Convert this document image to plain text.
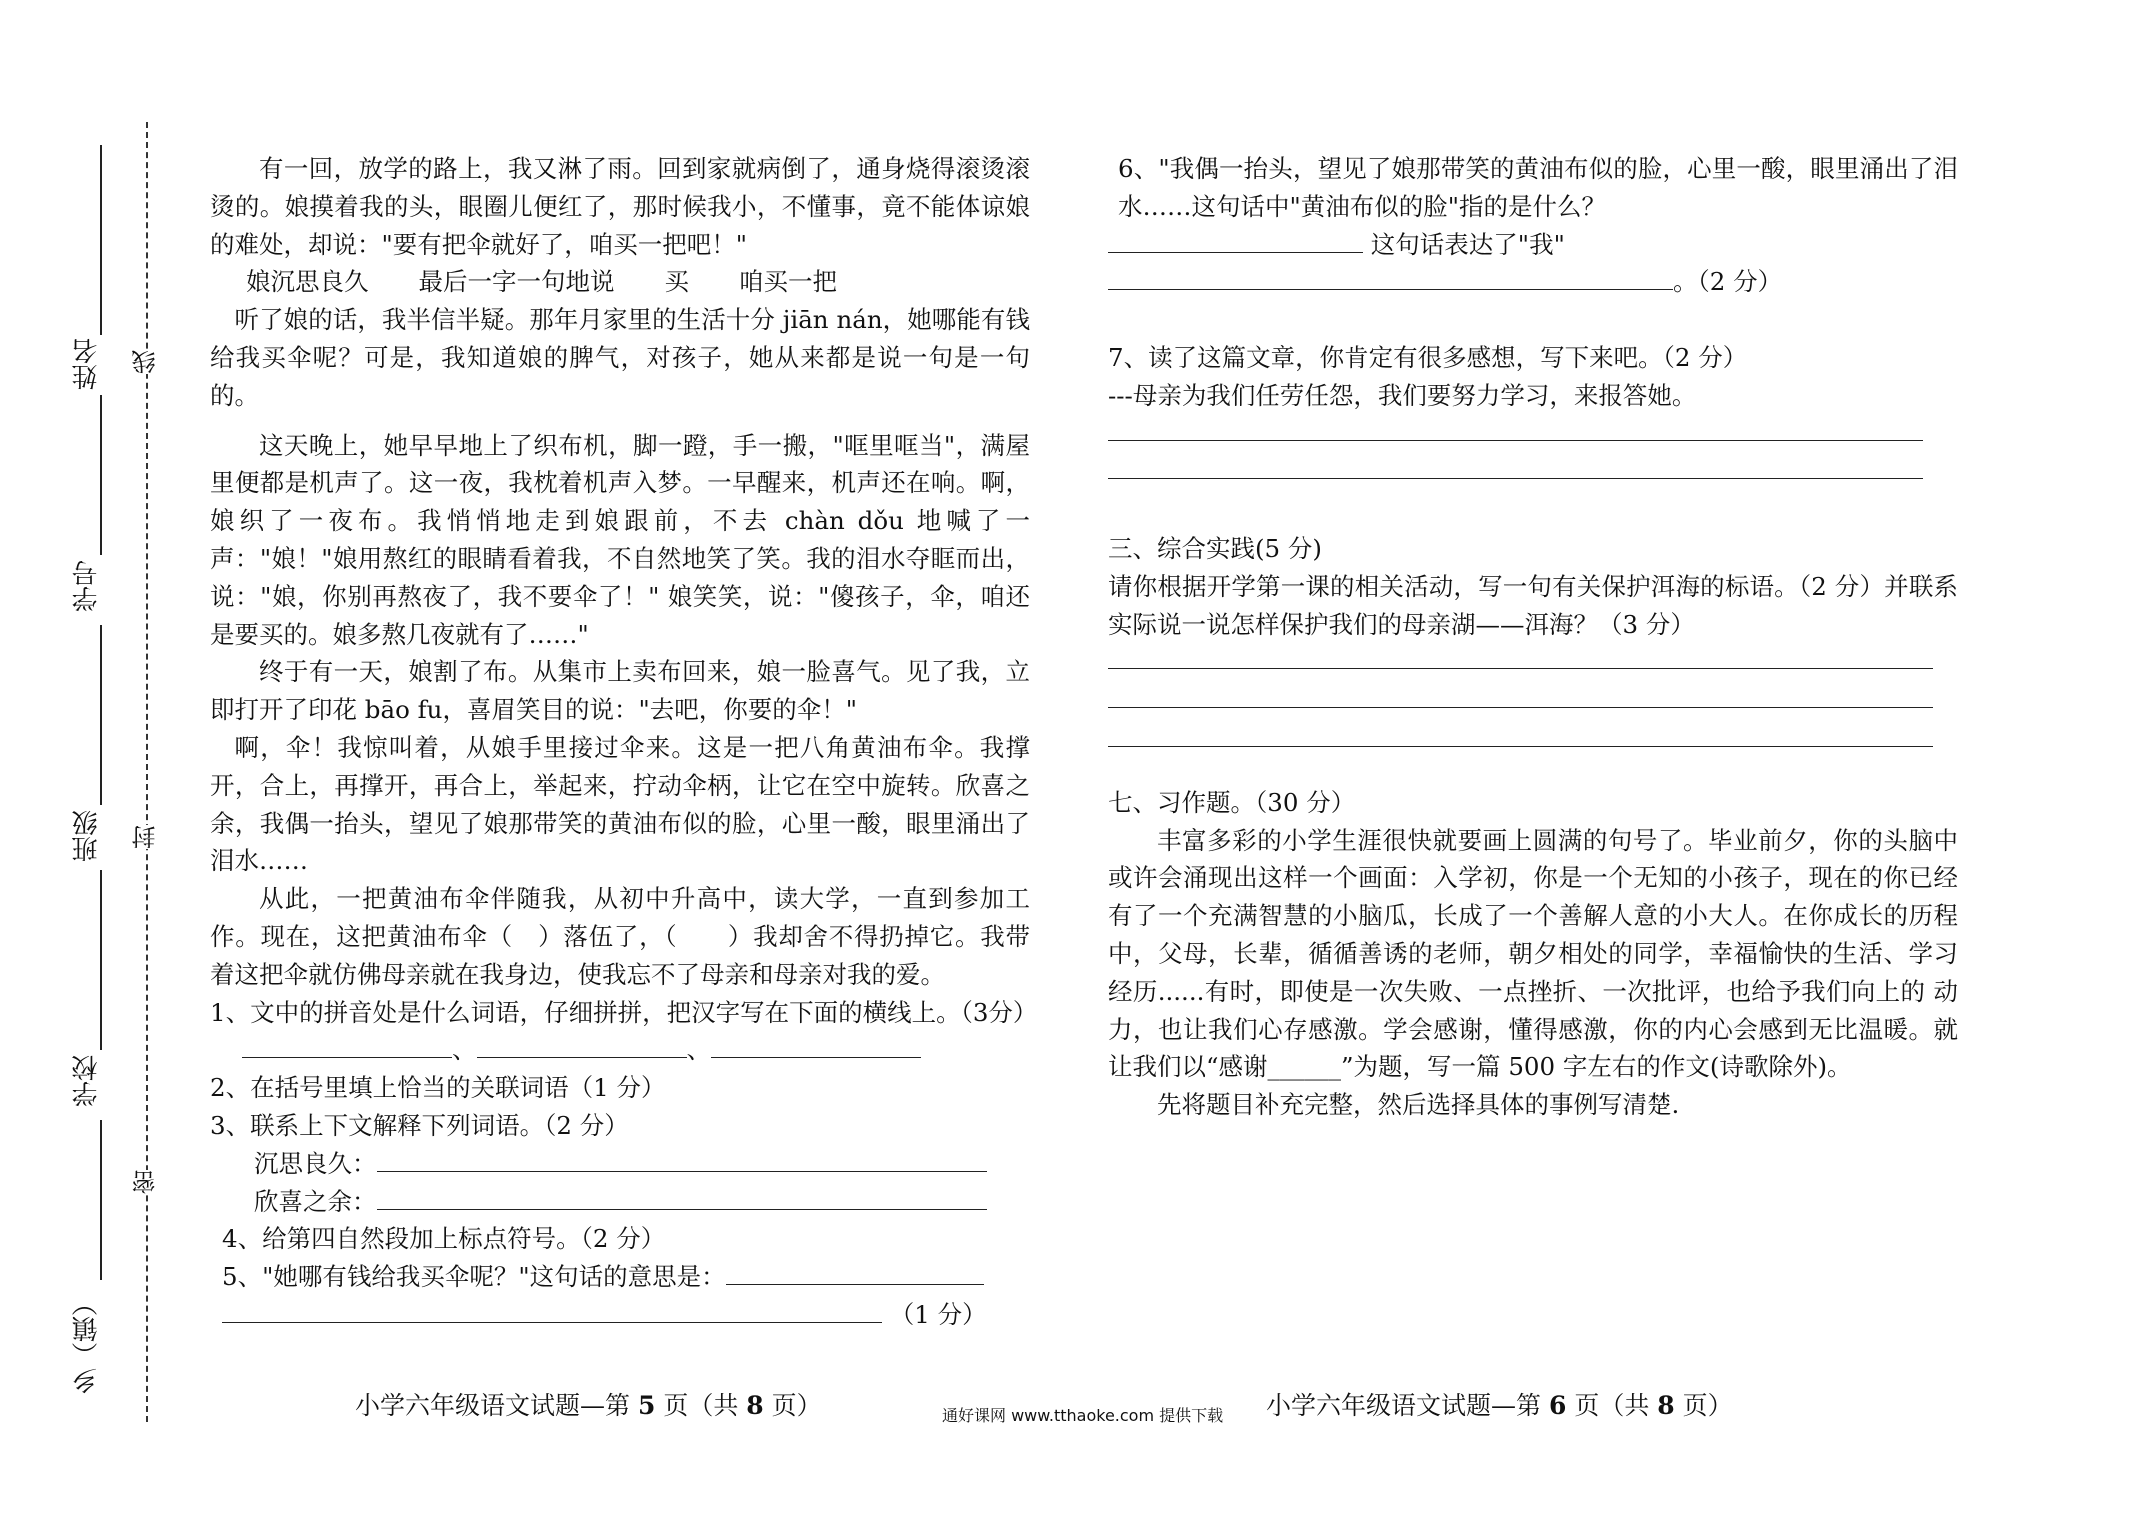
姓名
学号
班级
学校
乡（镇）
线
封
密

有一回，放学的路上，我又淋了雨。回到家就病倒了，通身烧得滚烫滚烫的。娘摸着我的头，眼圈儿便红了，那时候我小，不懂事，竟不能体谅娘的难处，却说："要有把伞就好了，咱买一把吧！"

娘沉思良久 最后一字一句地说 买 咱买一把

听了娘的话，我半信半疑。那年月家里的生活十分 jiān nán，她哪能有钱给我买伞呢？可是，我知道娘的脾气，对孩子，她从来都是说一句是一句的。

这天晚上，她早早地上了织布机，脚一蹬，手一搬，"哐里哐当"，满屋里便都是机声了。这一夜，我枕着机声入梦。一早醒来，机声还在响。啊，娘织了一夜布。我悄悄地走到娘跟前，不去 chàn dǒu 地喊了一声："娘！"娘用熬红的眼睛看着我，不自然地笑了笑。我的泪水夺眶而出，说："娘，你别再熬夜了，我不要伞了！" 娘笑笑，说："傻孩子，伞，咱还是要买的。娘多熬几夜就有了……"

终于有一天，娘割了布。从集市上卖布回来，娘一脸喜气。见了我，立即打开了印花 bāo fu，喜眉笑目的说："去吧，你要的伞！"

啊，伞！我惊叫着，从娘手里接过伞来。这是一把八角黄油布伞。我撑开，合上，再撑开，再合上，举起来，拧动伞柄，让它在空中旋转。欣喜之余，我偶一抬头，望见了娘那带笑的黄油布似的脸，心里一酸，眼里涌出了泪水……

从此，一把黄油布伞伴随我，从初中升高中，读大学，一直到参加工作。现在，这把黄油布伞（　）落伍了，（　　）我却舍不得扔掉它。我带着这把伞就仿佛母亲就在我身边，使我忘不了母亲和母亲对我的爱。

1、文中的拼音处是什么词语，仔细拼拼，把汉字写在下面的横线上。（3分）

、	、

2、在括号里填上恰当的关联词语（1 分）

3、联系上下文解释下列词语。（2 分）

沉思良久：

欣喜之余：

4、给第四自然段加上标点符号。（2 分）

5、"她哪有钱给我买伞呢？"这句话的意思是：

（1 分）

6、"我偶一抬头，望见了娘那带笑的黄油布似的脸，心里一酸，眼里涌出了泪水……这句话中"黄油布似的脸"指的是什么？

这句话表达了"我"

。（2 分）

7、读了这篇文章，你肯定有很多感想，写下来吧。（2 分）

---母亲为我们任劳任怨，我们要努力学习，来报答她。

三、综合实践(5 分)

请你根据开学第一课的相关活动，写一句有关保护洱海的标语。（2 分）并联系实际说一说怎样保护我们的母亲湖——洱海？（3 分）

七、习作题。（30 分）

丰富多彩的小学生涯很快就要画上圆满的句号了。毕业前夕，你的头脑中或许会涌现出这样一个画面：入学初，你是一个无知的小孩子，现在的你已经有了一个充满智慧的小脑瓜，长成了一个善解人意的小大人。在你成长的历程中，父母，长辈，循循善诱的老师，朝夕相处的同学，幸福愉快的生活、学习经历......有时，即使是一次失败、一点挫折、一次批评，也给予我们向上的 动力，也让我们心存感激。学会感谢，懂得感激，你的内心会感到无比温暖。就让我们以“感谢______”为题，写一篇 500 字左右的作文(诗歌除外)。

先将题目补充完整，然后选择具体的事例写清楚.

小学六年级语文试题—第 5 页（共 8 页）	通好课网 www.tthaoke.com 提供下载 小学六年级语文试题—第 6 页（共 8 页）
